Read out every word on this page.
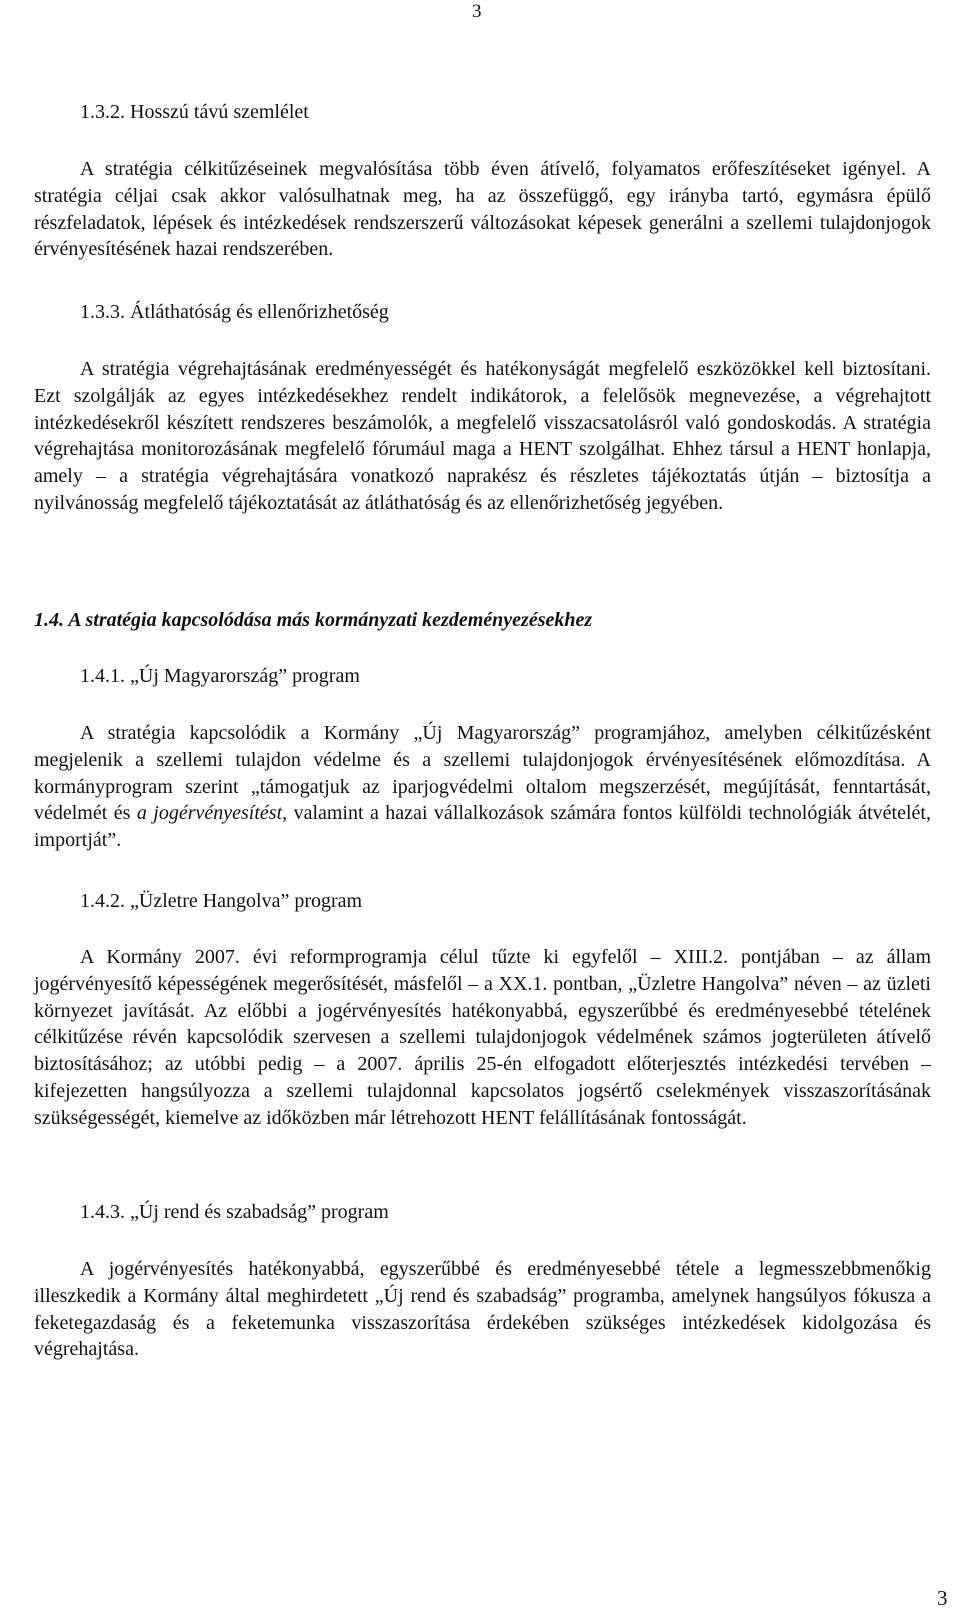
3
1.3.2. Hosszú távú szemlélet
A stratégia célkitűzéseinek megvalósítása több éven átívelő, folyamatos erőfeszítéseket igényel. A stratégia céljai csak akkor valósulhatnak meg, ha az összefüggő, egy irányba tartó, egymásra épülő részfeladatok, lépések és intézkedések rendszerszerű változásokat képesek generálni a szellemi tulajdonjogok érvényesítésének hazai rendszerében.
1.3.3. Átláthatóság és ellenőrizhetőség
A stratégia végrehajtásának eredményességét és hatékonyságát megfelelő eszközökkel kell biztosítani. Ezt szolgálják az egyes intézkedésekhez rendelt indikátorok, a felelősök megnevezése, a végrehajtott intézkedésekről készített rendszeres beszámolók, a megfelelő visszacsatolásról való gondoskodás. A stratégia végrehajtása monitorozásának megfelelő fórumául maga a HENT szolgálhat. Ehhez társul a HENT honlapja, amely – a stratégia végrehajtására vonatkozó naprakész és részletes tájékoztatás útján – biztosítja a nyilvánosság megfelelő tájékoztatását az átláthatóság és az ellenőrizhetőség jegyében.
1.4. A stratégia kapcsolódása más kormányzati kezdeményezésekhez
1.4.1. „Új Magyarország” program
A stratégia kapcsolódik a Kormány „Új Magyarország” programjához, amelyben célkitűzésként megjelenik a szellemi tulajdon védelme és a szellemi tulajdonjogok érvényesítésének előmozdítása. A kormányprogram szerint „támogatjuk az iparjogvédelmi oltalom megszerzését, megújítását, fenntartását, védelmét és a jogérvényesítést, valamint a hazai vállalkozások számára fontos külföldi technológiák átvételét, importját”.
1.4.2. „Üzletre Hangolva” program
A Kormány 2007. évi reformprogramja célul tűzte ki egyfelől – XIII.2. pontjában – az állam jogérvényesítő képességének megerősítését, másfelől – a XX.1. pontban, „Üzletre Hangolva” néven – az üzleti környezet javítását. Az előbbi a jogérvényesítés hatékonyabbá, egyszerűbbé és eredményesebbé tételének célkitűzése révén kapcsolódik szervesen a szellemi tulajdonjogok védelmének számos jogterületen átívelő biztosításához; az utóbbi pedig – a 2007. április 25-én elfogadott előterjesztés intézkedési tervében – kifejezetten hangsúlyozza a szellemi tulajdonnal kapcsolatos jogsértő cselekmények visszaszorításának szükségességét, kiemelve az időközben már létrehozott HENT felállításának fontosságát.
1.4.3. „Új rend és szabadság” program
A jogérvényesítés hatékonyabbá, egyszerűbbé és eredményesebbé tétele a legmesszebbmenőkig illeszkedik a Kormány által meghirdetett „Új rend és szabadság” programba, amelynek hangsúlyos fókusza a feketegazdaság és a feketemunka visszaszorítása érdekében szükséges intézkedések kidolgozása és végrehajtása.
3
